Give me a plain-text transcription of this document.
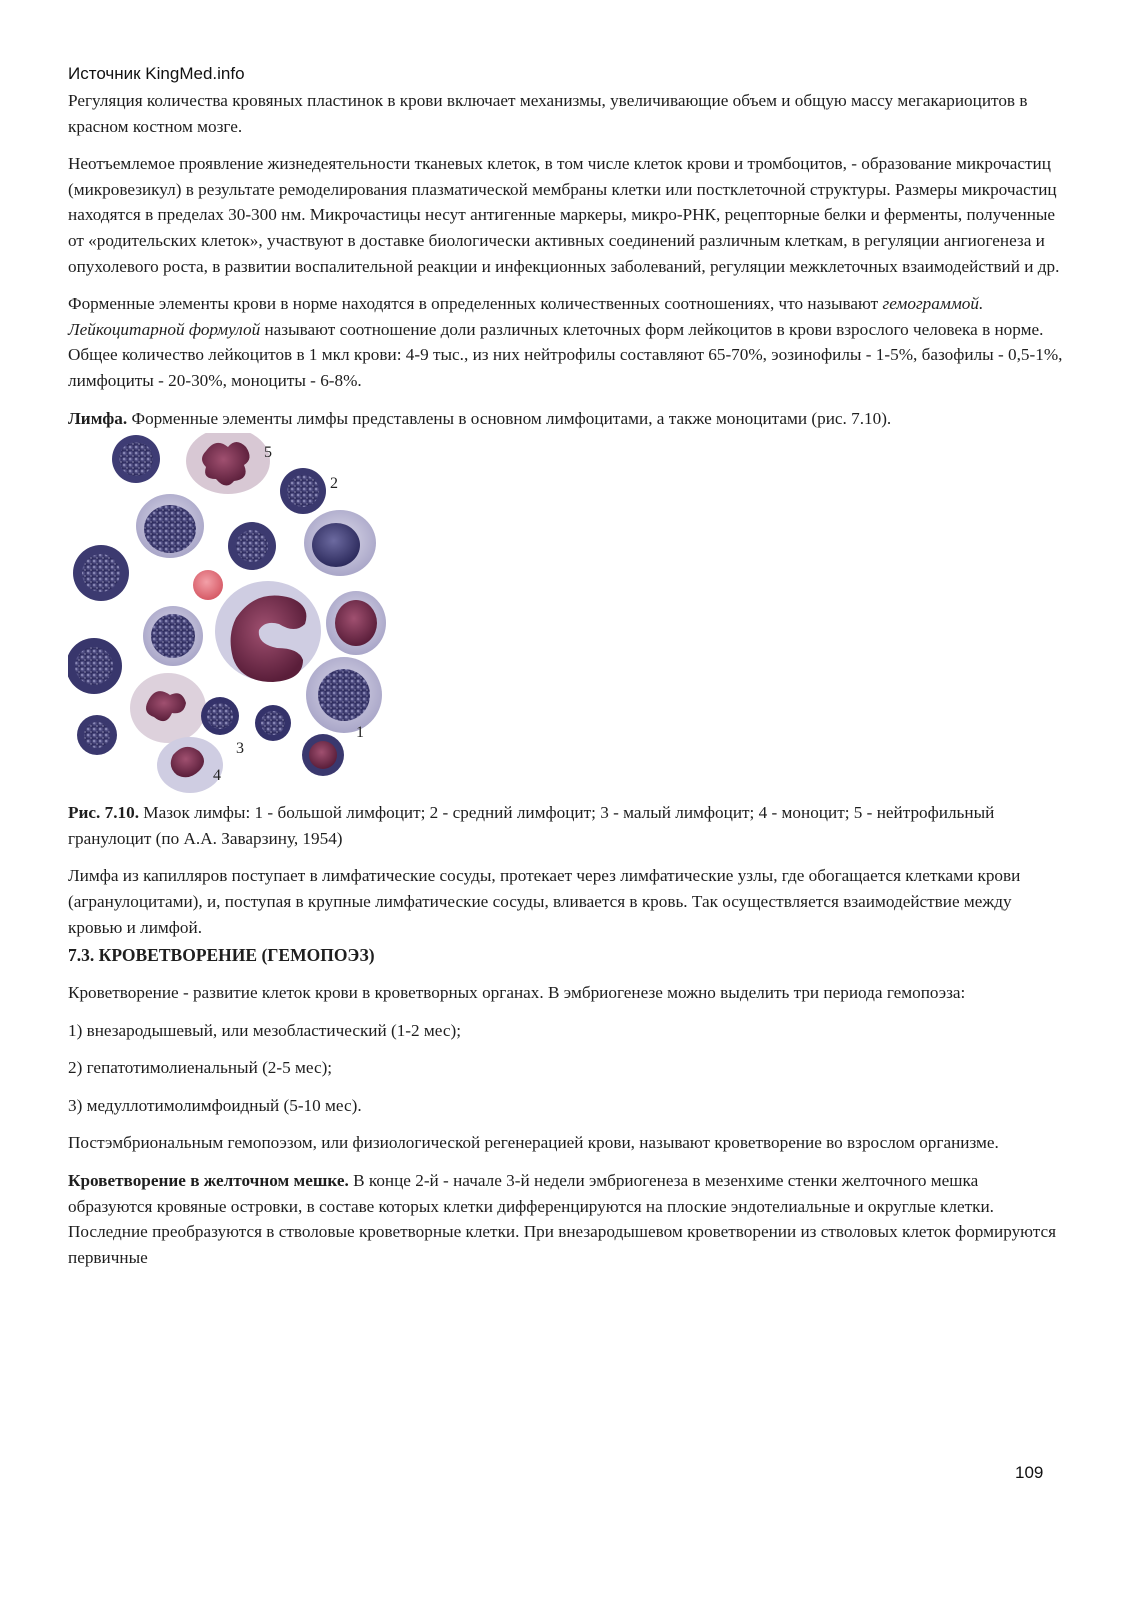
Источник KingMed.info

Регуляция количества кровяных пластинок в крови включает механизмы, увеличивающие объем и общую массу мегакариоцитов в красном костном мозге.

Неотъемлемое проявление жизнедеятельности тканевых клеток, в том числе клеток крови и тромбоцитов, - образование микрочастиц (микровезикул) в результате ремоделирования плазматической мембраны клетки или постклеточной структуры. Размеры микрочастиц находятся в пределах 30-300 нм. Микрочастицы несут антигенные маркеры, микро-РНК, рецепторные белки и ферменты, полученные от «родительских клеток», участвуют в доставке биологически активных соединений различным клеткам, в регуляции ангиогенеза и опухолевого роста, в развитии воспалительной реакции и инфекционных заболеваний, регуляции межклеточных взаимодействий и др.

Форменные элементы крови в норме находятся в определенных количественных соотношениях, что называют гемограммой. Лейкоцитарной формулой называют соотношение доли различных клеточных форм лейкоцитов в крови взрослого человека в норме. Общее количество лейкоцитов в 1 мкл крови: 4-9 тыс., из них нейтрофилы составляют 65-70%, эозинофилы - 1-5%, базофилы - 0,5-1%, лимфоциты - 20-30%, моноциты - 6-8%.

Лимфа. Форменные элементы лимфы представлены в основном лимфоцитами, а также моноцитами (рис. 7.10).

5
2
1
3
4

Рис. 7.10. Мазок лимфы: 1 - большой лимфоцит; 2 - средний лимфоцит; 3 - малый лимфоцит; 4 - моноцит; 5 - нейтрофильный гранулоцит (по А.А. Заварзину, 1954)

Лимфа из капилляров поступает в лимфатические сосуды, протекает через лимфатические узлы, где обогащается клетками крови (агранулоцитами), и, поступая в крупные лимфатические сосуды, вливается в кровь. Так осуществляется взаимодействие между кровью и лимфой.

7.3. КРОВЕТВОРЕНИЕ (ГЕМОПОЭЗ)

Кроветворение - развитие клеток крови в кроветворных органах. В эмбриогенезе можно выделить три периода гемопоэза:

1) внезародышевый, или мезобластический (1-2 мес);

2) гепатотимолиенальный (2-5 мес);

3) медуллотимолимфоидный (5-10 мес).

Постэмбриональным гемопоэзом, или физиологической регенерацией крови, называют кроветворение во взрослом организме.

Кроветворение в желточном мешке. В конце 2-й - начале 3-й недели эмбриогенеза в мезенхиме стенки желточного мешка образуются кровяные островки, в составе которых клетки дифференцируются на плоские эндотелиальные и округлые клетки. Последние преобразуются в стволовые кроветворные клетки. При внезародышевом кроветворении из стволовых клеток формируются первичные

109
